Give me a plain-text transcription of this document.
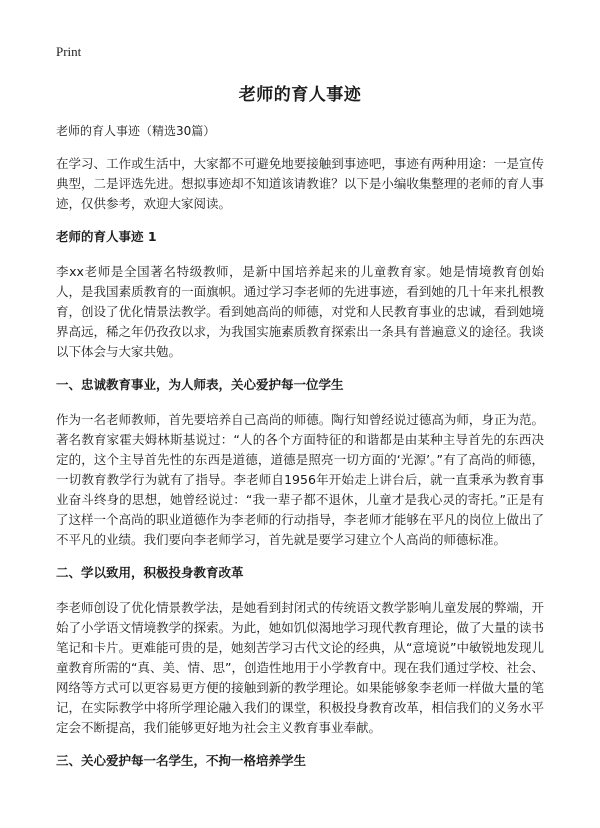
Print
老师的育人事迹
老师的育人事迹（精选30篇）

在学习、工作或生活中，大家都不可避免地要接触到事迹吧，事迹有两种用途：一是宣传典型，二是评选先进。想拟事迹却不知道该请教谁？以下是小编收集整理的老师的育人事迹，仅供参考，欢迎大家阅读。

老师的育人事迹 1

李xx老师是全国著名特级教师，是新中国培养起来的儿童教育家。她是情境教育创始人，是我国素质教育的一面旗帜。通过学习李老师的先进事迹，看到她的几十年来扎根教育，创设了优化情景法教学。看到她高尚的师德，对党和人民教育事业的忠诚，看到她境界高远，稀之年仍孜孜以求，为我国实施素质教育探索出一条具有普遍意义的途径。我谈以下体会与大家共勉。

一、忠诚教育事业，为人师表，关心爱护每一位学生

作为一名老师教师，首先要培养自己高尚的师德。陶行知曾经说过德高为师，身正为范。著名教育家霍夫姆林斯基说过：“人的各个方面特征的和谐都是由某种主导首先的东西决定的，这个主导首先性的东西是道德，道德是照亮一切方面的‘光源’。”有了高尚的师德，一切教育教学行为就有了指导。李老师自1956年开始走上讲台后，就一直秉承为教育事业奋斗终身的思想，她曾经说过：“我一辈子都不退休，儿童才是我心灵的寄托。”正是有了这样一个高尚的职业道德作为李老师的行动指导，李老师才能够在平凡的岗位上做出了不平凡的业绩。我们要向李老师学习，首先就是要学习建立个人高尚的师德标准。

二、学以致用，积极投身教育改革

李老师创设了优化情景教学法，是她看到封闭式的传统语文教学影响儿童发展的弊端，开始了小学语文情境教学的探索。为此，她如饥似渴地学习现代教育理论，做了大量的读书笔记和卡片。更难能可贵的是，她刻苦学习古代文论的经典，从“意境说”中敏锐地发现儿童教育所需的“真、美、情、思”，创造性地用于小学教育中。现在我们通过学校、社会、网络等方式可以更容易更方便的接触到新的教学理论。如果能够象李老师一样做大量的笔记，在实际教学中将所学理论融入我们的课堂，积极投身教育改革，相信我们的义务水平定会不断提高，我们能够更好地为社会主义教育事业奉献。

三、关心爱护每一名学生，不拘一格培养学生
